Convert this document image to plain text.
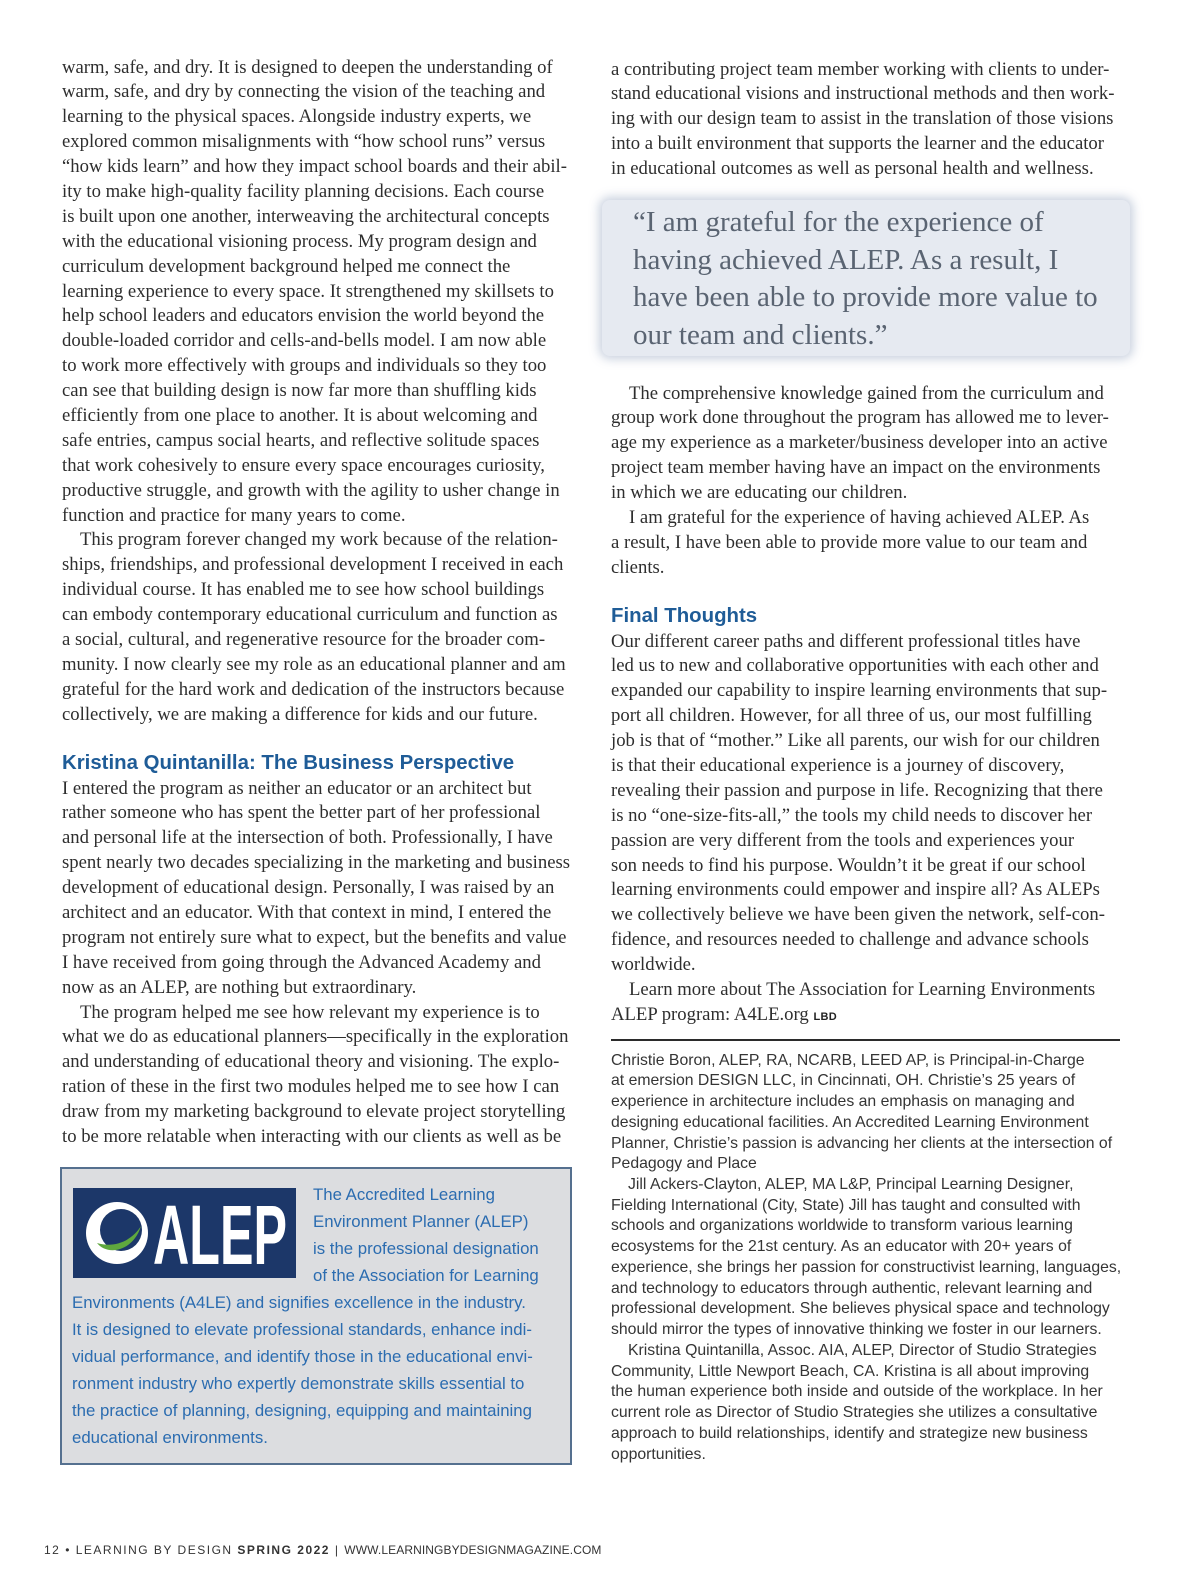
warm, safe, and dry. It is designed to deepen the understanding of
warm, safe, and dry by connecting the vision of the teaching and
learning to the physical spaces. Alongside industry experts, we
explored common misalignments with “how school runs” versus
“how kids learn” and how they impact school boards and their abil-
ity to make high-quality facility planning decisions. Each course
is built upon one another, interweaving the architectural concepts
with the educational visioning process. My program design and
curriculum development background helped me connect the
learning experience to every space. It strengthened my skillsets to
help school leaders and educators envision the world beyond the
double-loaded corridor and cells-and-bells model. I am now able
to work more effectively with groups and individuals so they too
can see that building design is now far more than shuffling kids
efficiently from one place to another. It is about welcoming and
safe entries, campus social hearts, and reflective solitude spaces
that work cohesively to ensure every space encourages curiosity,
productive struggle, and growth with the agility to usher change in
function and practice for many years to come.
This program forever changed my work because of the relation-
ships, friendships, and professional development I received in each
individual course. It has enabled me to see how school buildings
can embody contemporary educational curriculum and function as
a social, cultural, and regenerative resource for the broader com-
munity. I now clearly see my role as an educational planner and am
grateful for the hard work and dedication of the instructors because
collectively, we are making a difference for kids and our future.
Kristina Quintanilla: The Business Perspective
I entered the program as neither an educator or an architect but
rather someone who has spent the better part of her professional
and personal life at the intersection of both. Professionally, I have
spent nearly two decades specializing in the marketing and business
development of educational design. Personally, I was raised by an
architect and an educator. With that context in mind, I entered the
program not entirely sure what to expect, but the benefits and value
I have received from going through the Advanced Academy and
now as an ALEP, are nothing but extraordinary.
The program helped me see how relevant my experience is to
what we do as educational planners—specifically in the exploration
and understanding of educational theory and visioning. The explo-
ration of these in the first two modules helped me to see how I can
draw from my marketing background to elevate project storytelling
to be more relatable when interacting with our clients as well as be
ALEP The Accredited Learning
Environment Planner (ALEP)
is the professional designation
of the Association for Learning
Environments (A4LE) and signifies excellence in the industry.
It is designed to elevate professional standards, enhance indi-
vidual performance, and identify those in the educational envi-
ronment industry who expertly demonstrate skills essential to
the practice of planning, designing, equipping and maintaining
educational environments.
a contributing project team member working with clients to under-
stand educational visions and instructional methods and then work-
ing with our design team to assist in the translation of those visions
into a built environment that supports the learner and the educator
in educational outcomes as well as personal health and wellness.
“I am grateful for the experience of
having achieved ALEP. As a result, I
have been able to provide more value to
our team and clients.”
The comprehensive knowledge gained from the curriculum and
group work done throughout the program has allowed me to lever-
age my experience as a marketer/business developer into an active
project team member having have an impact on the environments
in which we are educating our children.
I am grateful for the experience of having achieved ALEP. As
a result, I have been able to provide more value to our team and
clients.
Final Thoughts
Our different career paths and different professional titles have
led us to new and collaborative opportunities with each other and
expanded our capability to inspire learning environments that sup-
port all children. However, for all three of us, our most fulfilling
job is that of “mother.” Like all parents, our wish for our children
is that their educational experience is a journey of discovery,
revealing their passion and purpose in life. Recognizing that there
is no “one-size-fits-all,” the tools my child needs to discover her
passion are very different from the tools and experiences your
son needs to find his purpose. Wouldn’t it be great if our school
learning environments could empower and inspire all? As ALEPs
we collectively believe we have been given the network, self-con-
fidence, and resources needed to challenge and advance schools
worldwide.
Learn more about The Association for Learning Environments
ALEP program: A4LE.org LBD
Christie Boron, ALEP, RA, NCARB, LEED AP, is Principal-in-Charge
at emersion DESIGN LLC, in Cincinnati, OH. Christie’s 25 years of
experience in architecture includes an emphasis on managing and
designing educational facilities. An Accredited Learning Environment
Planner, Christie’s passion is advancing her clients at the intersection of
Pedagogy and Place
Jill Ackers-Clayton, ALEP, MA L&P, Principal Learning Designer,
Fielding International (City, State) Jill has taught and consulted with
schools and organizations worldwide to transform various learning
ecosystems for the 21st century. As an educator with 20+ years of
experience, she brings her passion for constructivist learning, languages,
and technology to educators through authentic, relevant learning and
professional development. She believes physical space and technology
should mirror the types of innovative thinking we foster in our learners.
Kristina Quintanilla, Assoc. AIA, ALEP, Director of Studio Strategies
Community, Little Newport Beach, CA. Kristina is all about improving
the human experience both inside and outside of the workplace. In her
current role as Director of Studio Strategies she utilizes a consultative
approach to build relationships, identify and strategize new business
opportunities.
12 • LEARNING BY DESIGN SPRING 2022 | WWW.LEARNINGBYDESIGNMAGAZINE.COM
